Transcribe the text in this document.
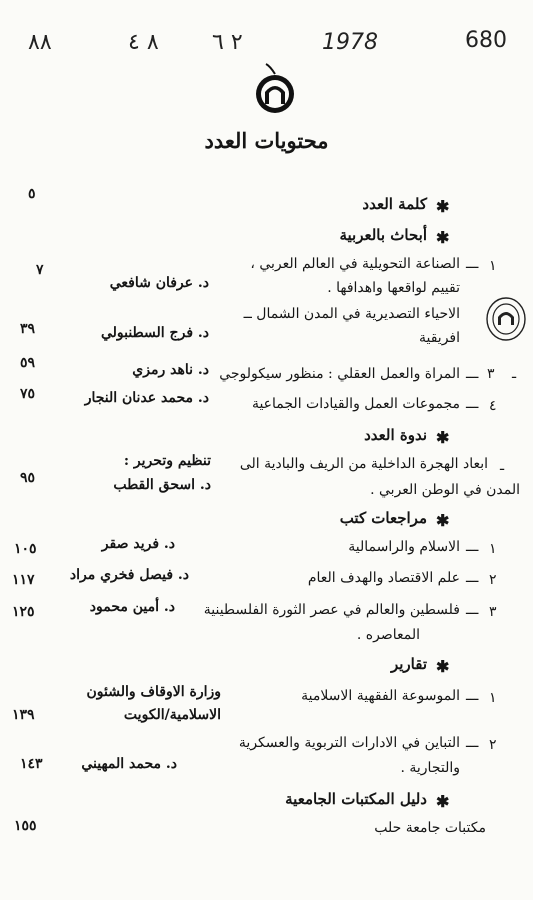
680
1978
٢ ٦
٨ ٤
٨٨
محتويات العدد
✱
كلمة العدد
٥
✱
أبحاث بالعربية
١
ـــ
الصناعة التحويلية في العالم العربي ،
تقييم لواقعها واهدافها .
د. عرفان شافعي
٧
الاحياء التصديرية في المدن الشمال ــ
افريقية
د. فرج السطنبولي
٣٩
ـ
٣
ـــ
المراة والعمل العقلي : منظور سيكولوجي
د. ناهد رمزي
٥٩
٤
ـــ
مجموعات العمل والقيادات الجماعية
د. محمد عدنان النجار
٧٥
✱
ندوة العدد
ـ
ابعاد الهجرة الداخلية من الريف والبادية الى
المدن في الوطن العربي .
تنظيم وتحرير :
د. اسحق القطب
٩٥
✱
مراجعات كتب
١
ـــ
الاسلام والراسمالية
د. فريد صقر
١٠٥
٢
ـــ
علم الاقتصاد والهدف العام
د. فيصل فخري مراد
١١٧
٣
ـــ
فلسطين والعالم في عصر الثورة الفلسطينية
المعاصره .
د. أمين محمود
١٢٥
✱
تقارير
١
ـــ
الموسوعة الفقهية الاسلامية
وزارة الاوقاف والشئون
الاسلامية/الكويت
١٣٩
٢
ـــ
التباين في الادارات التربوية والعسكرية
والتجارية .
د. محمد المهيني
١٤٣
✱
دليل المكتبات الجامعية
مكتبات جامعة حلب
١٥٥
